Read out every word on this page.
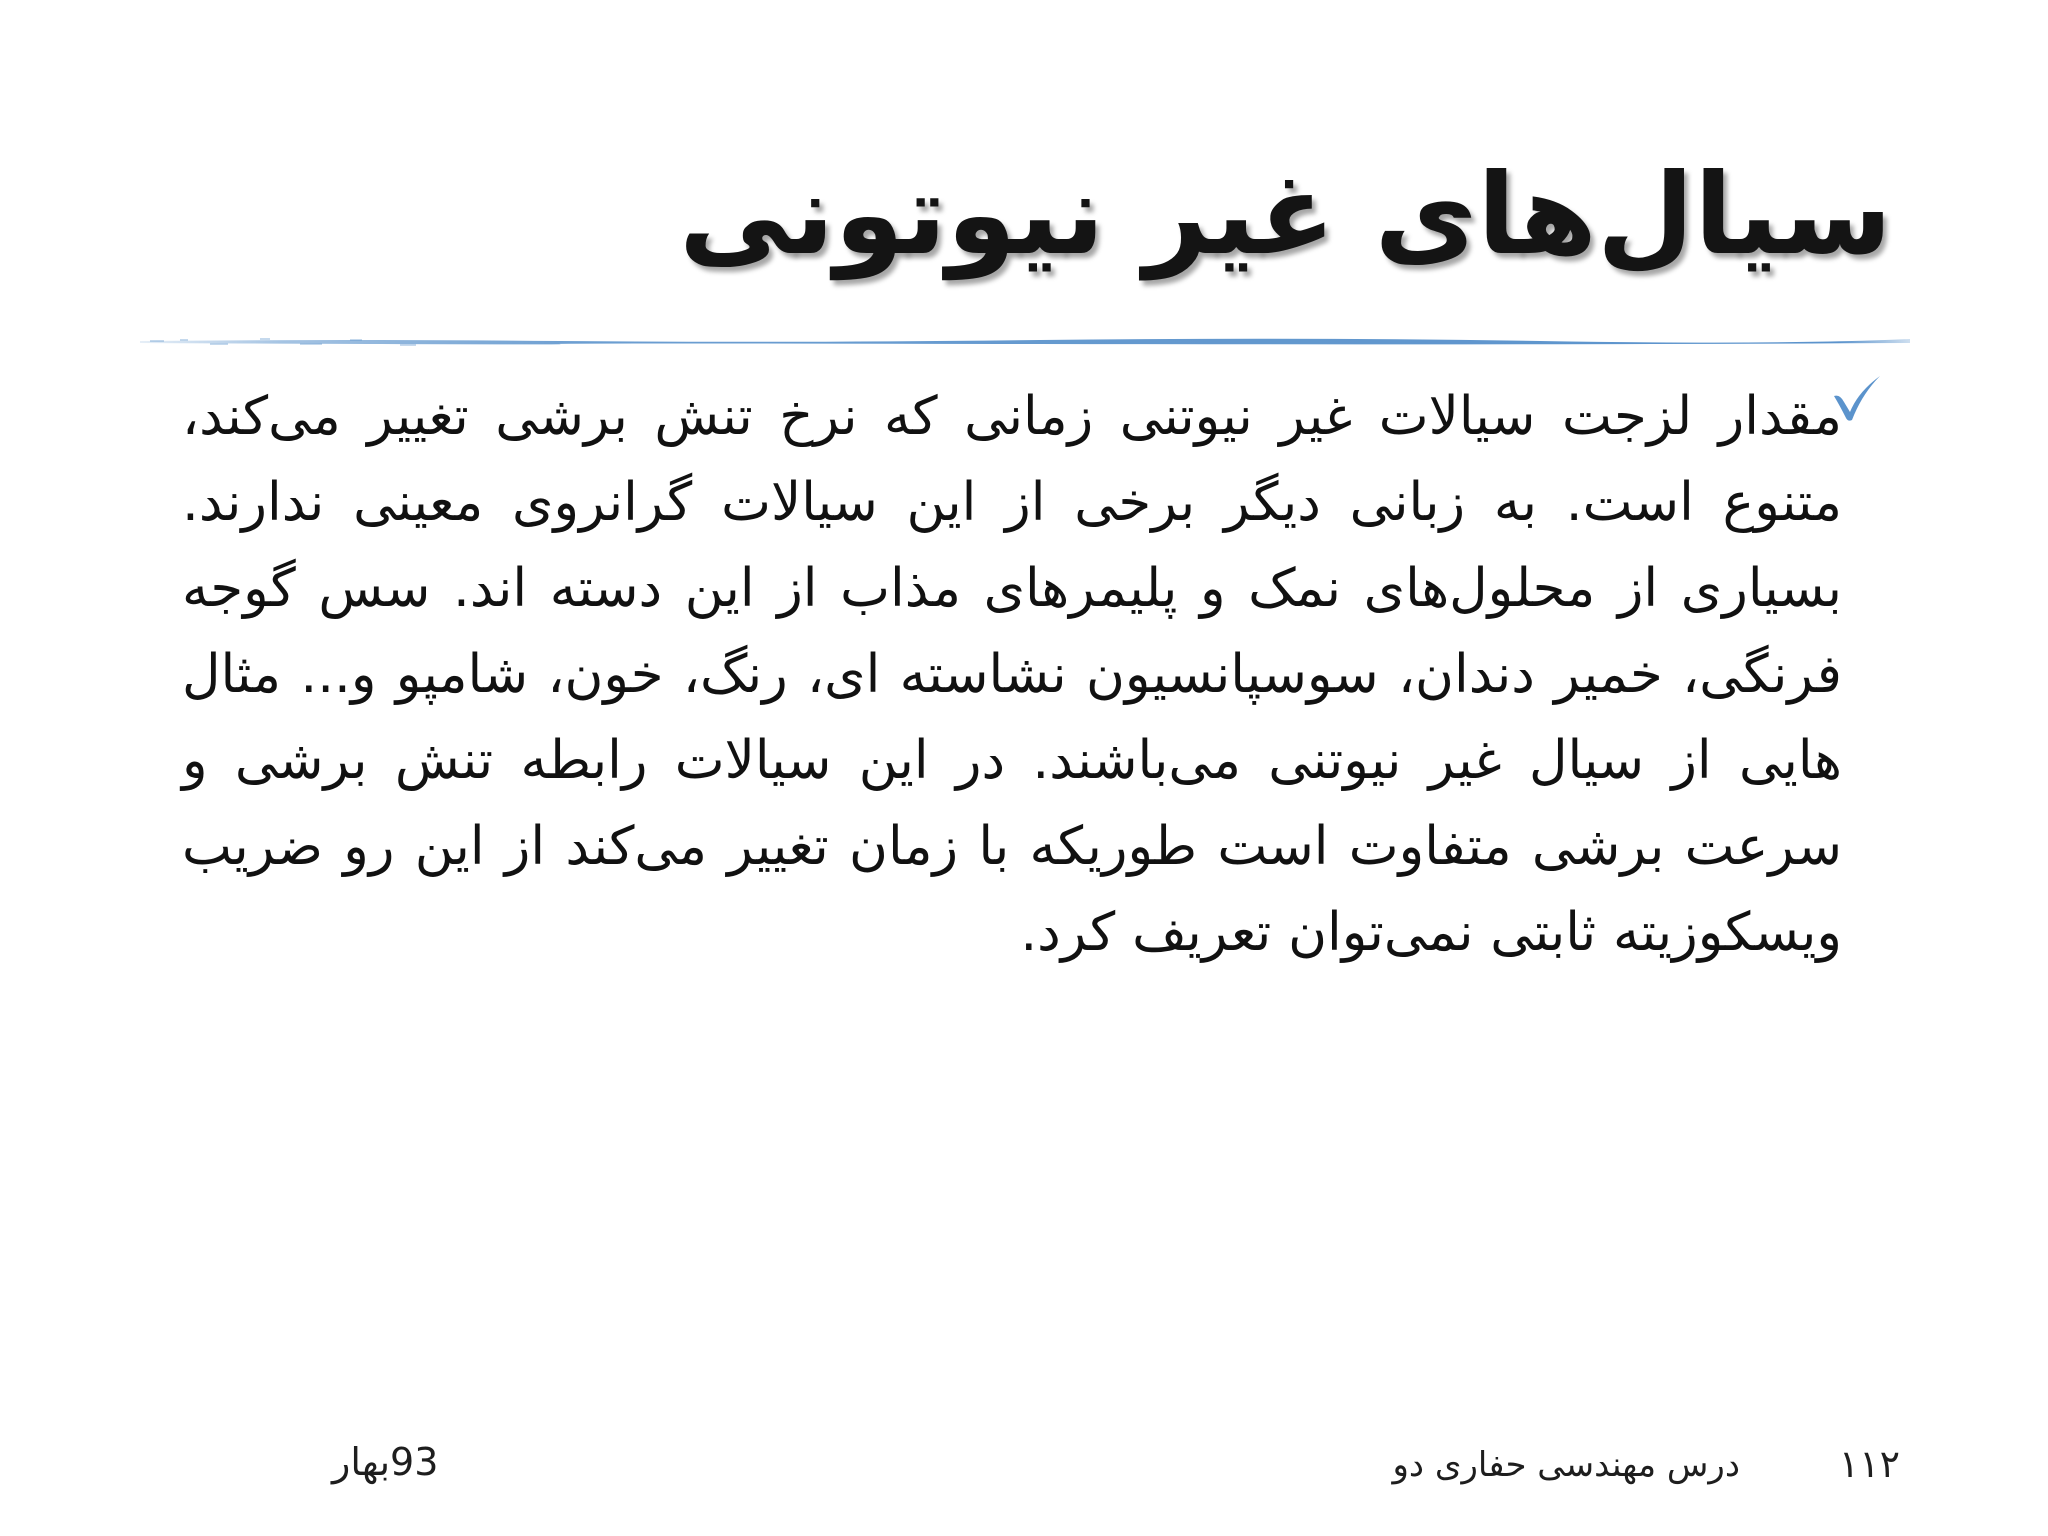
سیال‌های غیر نیوتونی

مقدار لزجت سیالات غیر نیوتنی زمانی که نرخ تنش برشی تغییر می‌کند، متنوع است. به زبانی دیگر برخی از این سیالات گرانروی معینی ندارند. بسیاری از محلول‌های نمک و پلیمرهای مذاب از این دسته اند. سس گوجه فرنگی، خمیر دندان، سوسپانسیون نشاسته ای، رنگ، خون، شامپو و... مثال هایی از سیال غیر نیوتنی می‌باشند. در این سیالات رابطه تنش برشی و سرعت برشی متفاوت است طوریکه با زمان تغییر می‌کند از این رو ضریب ویسکوزیته ثابتی نمی‌توان تعریف کرد.

93بهار	درس مهندسی حفاری دو	۱۱۲
